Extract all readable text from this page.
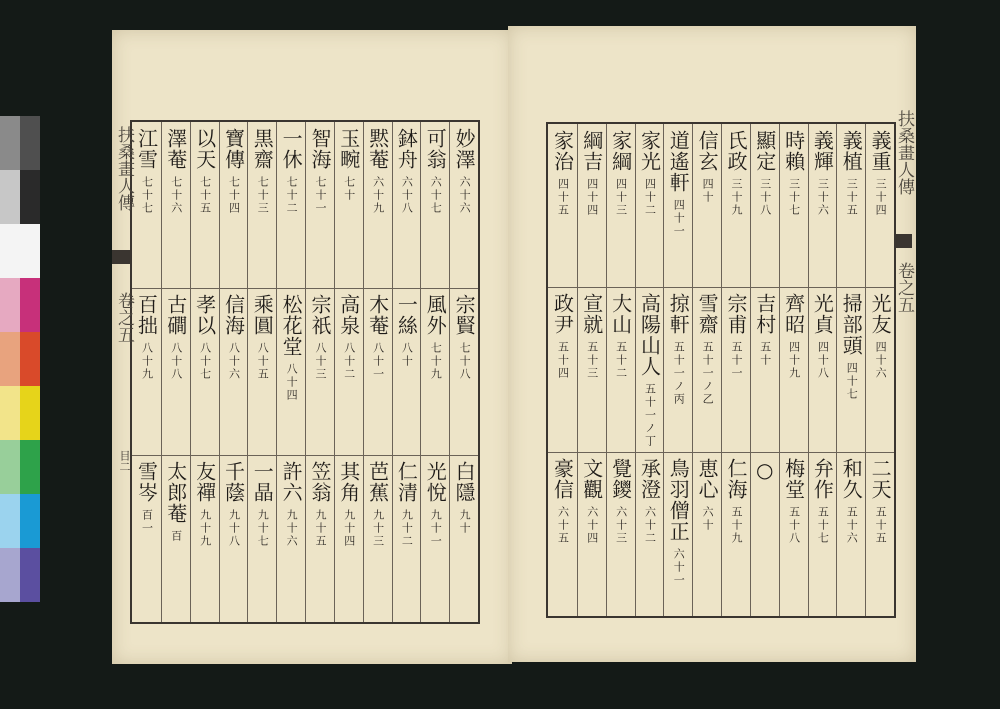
妙澤
六十六
宗賢
七十八
白隱
九十
可翁
六十七
風外
七十九
光悅
九十一
鉢舟
六十八
一絲
八十
仁清
九十二
黙菴
六十九
木菴
八十一
芭蕉
九十三
玉畹
七十
高泉
八十二
其角
九十四
智海
七十一
宗祇
八十三
笠翁
九十五
一休
七十二
松花堂
八十四
許六
九十六
黒齋
七十三
乘圓
八十五
一晶
九十七
寶傳
七十四
信海
八十六
千蔭
九十八
以天
七十五
孝以
八十七
友禪
九十九
澤菴
七十六
古磵
八十八
太郎菴
百
江雪
七十七
百拙
八十九
雪岑
百一
扶桑畫人傳
卷之五
目二
義重
三十四
光友
四十六
二天
五十五
義植
三十五
掃部頭
四十七
和久
五十六
義輝
三十六
光貞
四十八
弁作
五十七
時賴
三十七
齊昭
四十九
梅堂
五十八
顯定
三十八
吉村
五十
○
氏政
三十九
宗甫
五十一
仁海
五十九
信玄
四十
雪齋
五十一ノ乙
恵心
六十
道遙軒
四十一
掠軒
五十一ノ丙
鳥羽僧正
六十一
家光
四十二
高陽山人
五十一ノ丁
承澄
六十二
家綱
四十三
大山
五十二
覺鑁
六十三
綱吉
四十四
宣就
五十三
文觀
六十四
家治
四十五
政尹
五十四
豪信
六十五
扶桑畫人傳
卷之五
